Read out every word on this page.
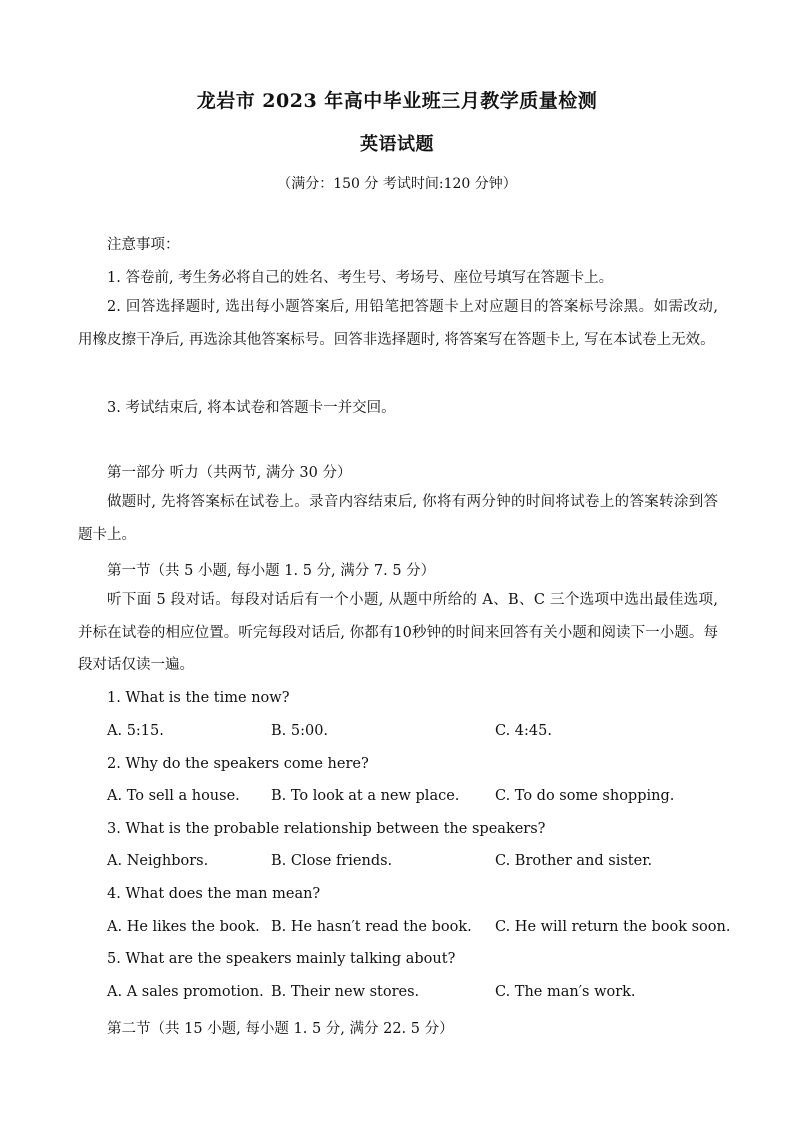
龙岩市 2023 年高中毕业班三月教学质量检测
英语试题
（满分：150 分 考试时间:120 分钟）
注意事项：
1. 答卷前, 考生务必将自己的姓名、考生号、考场号、座位号填写在答题卡上。
2. 回答选择题时, 选出每小题答案后, 用铅笔把答题卡上对应题目的答案标号涂黑。如需改动, 用橡皮擦干净后, 再选涂其他答案标号。回答非选择题时, 将答案写在答题卡上, 写在本试卷上无效。
3. 考试结束后, 将本试卷和答题卡一并交回。
第一部分 听力（共两节, 满分 30 分）
做题时, 先将答案标在试卷上。录音内容结束后, 你将有两分钟的时间将试卷上的答案转涂到答题卡上。
第一节（共 5 小题, 每小题 1. 5 分, 满分 7. 5 分）
听下面 5 段对话。每段对话后有一个小题, 从题中所给的 A、B、C 三个选项中选出最佳选项, 并标在试卷的相应位置。听完每段对话后, 你都有10秒钟的时间来回答有关小题和阅读下一小题。每段对话仅读一遍。
1. What is the time now?
A. 5:15.	B. 5:00.	C. 4:45.
2. Why do the speakers come here?
A. To sell a house. B. To look at a new place. C. To do some shopping.
3. What is the probable relationship between the speakers?
A. Neighbors.	B. Close friends.	C. Brother and sister.
4. What does the man mean?
A. He likes the book. B. He hasn′t read the book. C. He will return the book soon.
5. What are the speakers mainly talking about?
A. A sales promotion. B. Their new stores.	C. The man′s work.
第二节（共 15 小题, 每小题 1. 5 分, 满分 22. 5 分）
